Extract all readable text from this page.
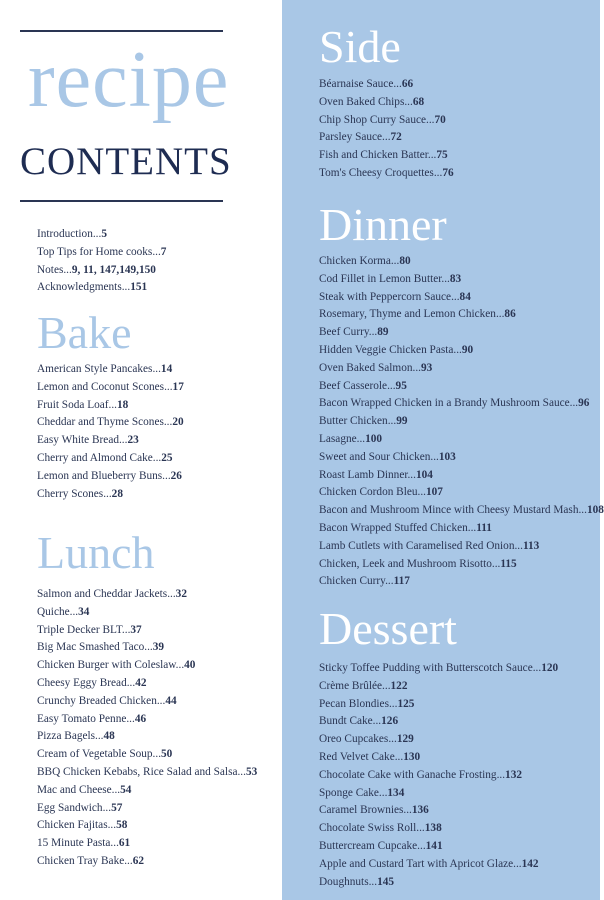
recipe
CONTENTS
Introduction...5
Top Tips for Home cooks...7
Notes...9, 11, 147,149,150
Acknowledgments...151
Bake
American Style Pancakes...14
Lemon and Coconut Scones...17
Fruit Soda Loaf...18
Cheddar and Thyme Scones...20
Easy White Bread...23
Cherry and Almond Cake...25
Lemon and Blueberry Buns...26
Cherry Scones...28
Lunch
Salmon and Cheddar Jackets...32
Quiche...34
Triple Decker BLT...37
Big Mac Smashed Taco...39
Chicken Burger with Coleslaw...40
Cheesy Eggy Bread...42
Crunchy Breaded Chicken...44
Easy Tomato Penne...46
Pizza Bagels...48
Cream of Vegetable Soup...50
BBQ Chicken Kebabs, Rice Salad and Salsa...53
Mac and Cheese...54
Egg Sandwich...57
Chicken Fajitas...58
15 Minute Pasta...61
Chicken Tray Bake...62
Side
Béarnaise Sauce...66
Oven Baked Chips...68
Chip Shop Curry Sauce...70
Parsley Sauce...72
Fish and Chicken Batter...75
Tom's Cheesy Croquettes...76
Dinner
Chicken Korma...80
Cod Fillet in Lemon Butter...83
Steak with Peppercorn Sauce...84
Rosemary, Thyme and Lemon Chicken...86
Beef Curry...89
Hidden Veggie Chicken Pasta...90
Oven Baked Salmon...93
Beef Casserole...95
Bacon Wrapped Chicken in a Brandy Mushroom Sauce...96
Butter Chicken...99
Lasagne...100
Sweet and Sour Chicken...103
Roast Lamb Dinner...104
Chicken Cordon Bleu...107
Bacon and Mushroom Mince with Cheesy Mustard Mash...108
Bacon Wrapped Stuffed Chicken...111
Lamb Cutlets with Caramelised Red Onion...113
Chicken, Leek and Mushroom Risotto...115
Chicken Curry...117
Dessert
Sticky Toffee Pudding with Butterscotch Sauce...120
Crème Brûlée...122
Pecan Blondies...125
Bundt Cake...126
Oreo Cupcakes...129
Red Velvet Cake...130
Chocolate Cake with Ganache Frosting...132
Sponge Cake...134
Caramel Brownies...136
Chocolate Swiss Roll...138
Buttercream Cupcake...141
Apple and Custard Tart with Apricot Glaze...142
Doughnuts...145
